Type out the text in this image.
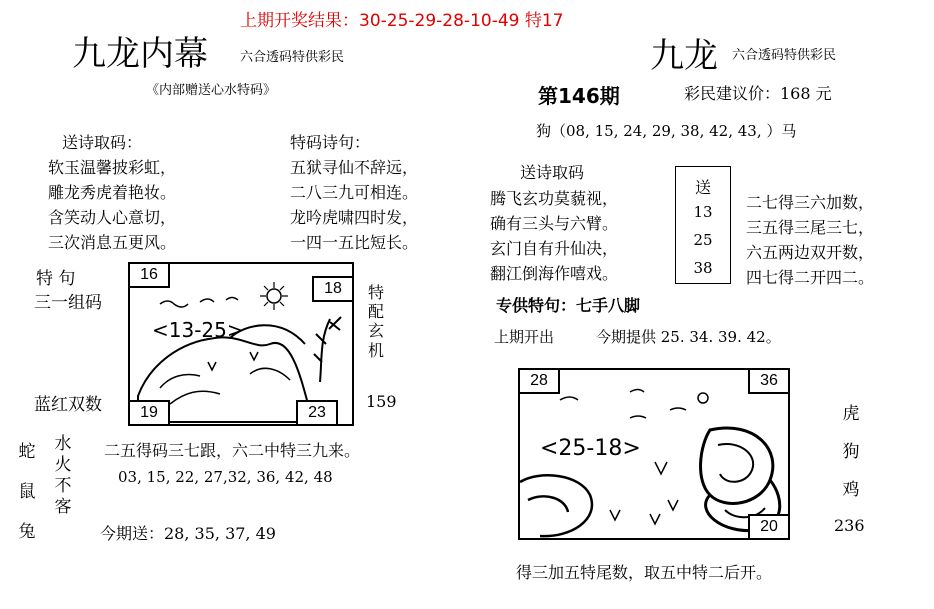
上期开奖结果：30-25-29-28-10-49 特17
九龙内幕 六合透码特供彩民
《内部赠送心水特码》
送诗取码：
软玉温馨披彩虹，
雕龙秀虎着艳妆。
含笑动人心意切，
三次消息五更风。
特码诗句：
五狱寻仙不辞远，
二八三九可相连。
龙吟虎啸四时发，
一四一五比短长。
特 句
三一组码
蓝红双数
16
18
19	23
<13-25>
特
配
玄
机
159
蛇
鼠
兔
水
火
不
客
二五得码三七跟，六二中特三九来。
03, 15, 22, 27,32, 36, 42, 48
今期送：28, 35, 37, 49
九龙 六合透码特供彩民
第146期	彩民建议价：168 元
狗（08, 15, 24, 29, 38, 42, 43, ）马
送诗取码
腾飞玄功莫藐视，
确有三头与六臂。
玄门自有升仙决，
翻江倒海作嘻戏。
送
13
25
38
二七得三六加数，
三五得三尾三七，
六五两边双开数，
四七得二开四二。
专供特句：七手八脚
上期开出	今期提供 25. 34. 39. 42。
28	36
20
<25-18>
虎
狗
鸡
236
得三加五特尾数，取五中特二后开。
